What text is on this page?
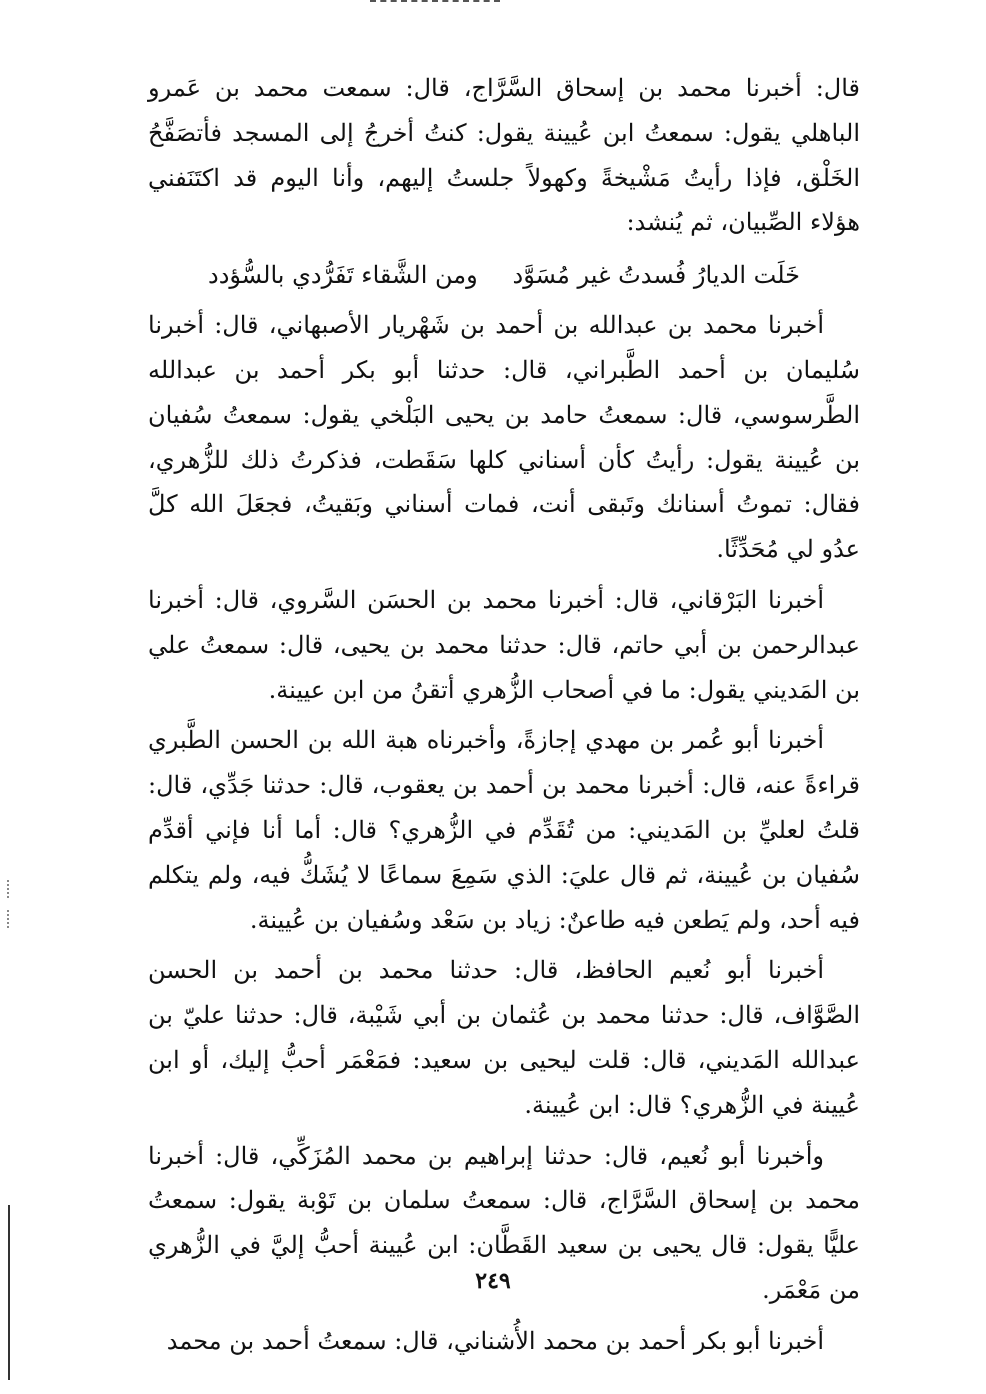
قال: أخبرنا محمد بن إسحاق السَّرَّاج، قال: سمعت محمد بن عَمرو الباهلي يقول: سمعتُ ابن عُيينة يقول: كنتُ أخرجُ إلى المسجد فأتصَفَّحُ الخَلْق، فإذا رأيتُ مَشْيخةً وكهولاً جلستُ إليهم، وأنا اليوم قد اكتَنَفني هؤلاء الصِّبيان، ثم يُنشد:

خَلَت الديارُ فُسدتُ غير مُسَوَّد
ومن الشَّقاء تَفَرُّدي بالسُّؤدد

أخبرنا محمد بن عبدالله بن أحمد بن شَهْريار الأصبهاني، قال: أخبرنا سُليمان بن أحمد الطَّبراني، قال: حدثنا أبو بكر أحمد بن عبدالله الطَّرسوسي، قال: سمعتُ حامد بن يحيى البَلْخي يقول: سمعتُ سُفيان بن عُيينة يقول: رأيتُ كأن أسناني كلها سَقَطت، فذكرتُ ذلك للزُّهري، فقال: تموتُ أسنانك وتَبقى أنت، فمات أسناني وبَقيتُ، فجعَلَ الله كلَّ عدُو لي مُحَدِّثًا.

أخبرنا البَرْقاني، قال: أخبرنا محمد بن الحسَن السَّروي، قال: أخبرنا عبدالرحمن بن أبي حاتم، قال: حدثنا محمد بن يحيى، قال: سمعتُ علي بن المَديني يقول: ما في أصحاب الزُّهري أتقنُ من ابن عيينة.

أخبرنا أبو عُمر بن مهدي إجازةً، وأخبرناه هبة الله بن الحسن الطَّبري قراءةً عنه، قال: أخبرنا محمد بن أحمد بن يعقوب، قال: حدثنا جَدِّي، قال: قلتُ لعليِّ بن المَديني: من تُقَدِّم في الزُّهري؟ قال: أما أنا فإني أقدِّم سُفيان بن عُيينة، ثم قال عليَ: الذي سَمِعَ سماعًا لا يُشَكُّ فيه، ولم يتكلم فيه أحد، ولم يَطعن فيه طاعنٌ: زياد بن سَعْد وسُفيان بن عُيينة.

أخبرنا أبو نُعيم الحافظ، قال: حدثنا محمد بن أحمد بن الحسن الصَّوَّاف، قال: حدثنا محمد بن عُثمان بن أبي شَيْبة، قال: حدثنا عليّ بن عبدالله المَديني، قال: قلت ليحيى بن سعيد: فمَعْمَر أحبُّ إليك، أو ابن عُيينة في الزُّهري؟ قال: ابن عُيينة.

وأخبرنا أبو نُعيم، قال: حدثنا إبراهيم بن محمد المُزَكِّي، قال: أخبرنا محمد بن إسحاق السَّرَّاج، قال: سمعتُ سلمان بن تَوْبة يقول: سمعتُ عليًّا يقول: قال يحيى بن سعيد القَطَّان: ابن عُيينة أحبُّ إليَّ في الزُّهري من مَعْمَر.

أخبرنا أبو بكر أحمد بن محمد الأُشناني، قال: سمعتُ أحمد بن محمد

٢٤٩
